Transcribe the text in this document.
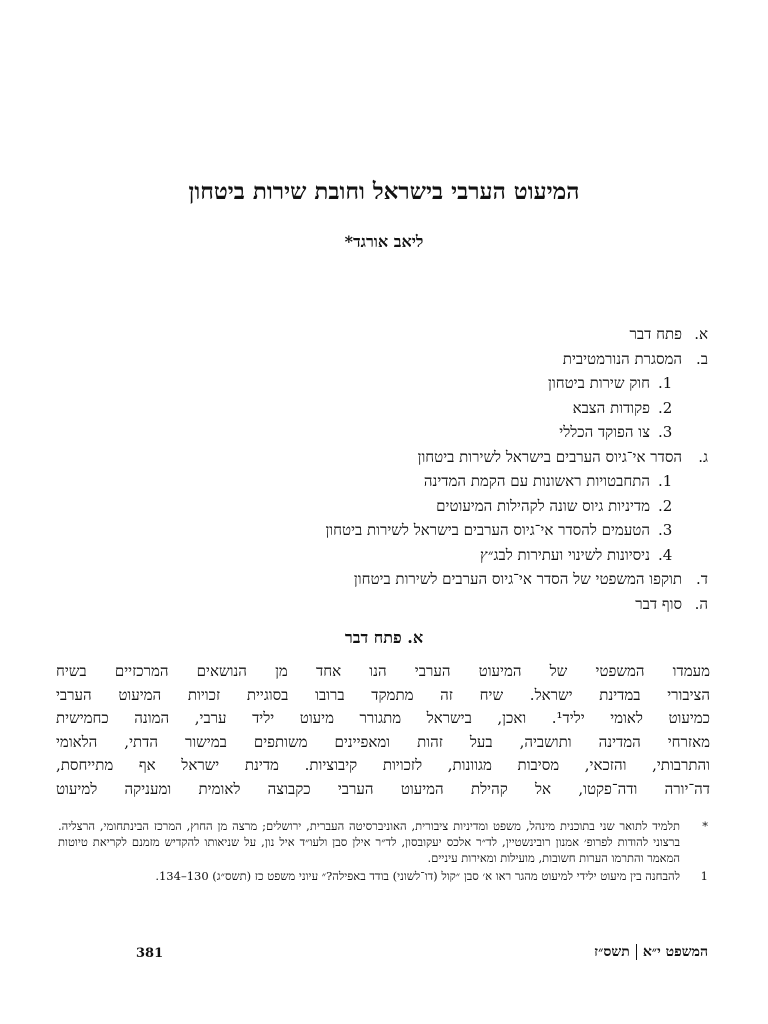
המיעוט הערבי בישראל וחובת שירות ביטחון
ליאב אורגד*
א.
פתח דבר
ב.
המסגרת הנורמטיבית
1.
חוק שירות ביטחון
2.
פקודות הצבא
3.
צו הפוקד הכללי
ג.
הסדר אי־גיוס הערבים בישראל לשירות ביטחון
1.
התחבטויות ראשונות עם הקמת המדינה
2.
מדיניות גיוס שונה לקהילות המיעוטים
3.
הטעמים להסדר אי־גיוס הערבים בישראל לשירות ביטחון
4.
ניסיונות לשינוי ועתירות לבג״ץ
ד.
תוקפו המשפטי של הסדר אי־גיוס הערבים לשירות ביטחון
ה.
סוף דבר
א. פתח דבר

מעמדו המשפטי של המיעוט הערבי הנו אחד מן הנושאים המרכזיים בשיח

הציבורי במדינת ישראל. שיח זה מתמקד ברובו בסוגיית זכויות המיעוט הערבי

כמיעוט לאומי יליד¹. ואכן, בישראל מתגורר מיעוט יליד ערבי, המונה כחמישית

מאזרחי המדינה ותושביה, בעל זהות ומאפיינים משותפים במישור הדתי, הלאומי

והתרבותי, והזכאי, מסיבות מגוונות, לזכויות קיבוציות. מדינת ישראל אף מתייחסת,

דה־יורה ודה־פקטו, אל קהילת המיעוט הערבי כקבוצה לאומית ומעניקה למיעוט

*
תלמיד לתואר שני בתוכנית מינהל, משפט ומדיניות ציבורית, האוניברסיטה העברית, ירושלים; מרצה מן החוץ, המרכז הבינתחומי, הרצליה. ברצוני להודות לפרופ׳ אמנון רובינשטיין, לד״ר אלכס יעקובסון, לד״ר אילן סבן ולעו״ד איל נון, על שניאותו להקדיש מזמנם לקריאת טיוטות המאמר והתרמו הערות חשובות, מועילות ומאירות עיניים.
1
להבחנה בין מיעוט ילידי למיעוט מהגר ראו א׳ סבן ״קול (דו־לשוני) בודד באפילה?״ עיוני משפט כז (תשס״ג) 130–134.
381	המשפט י״אתשס״ז
